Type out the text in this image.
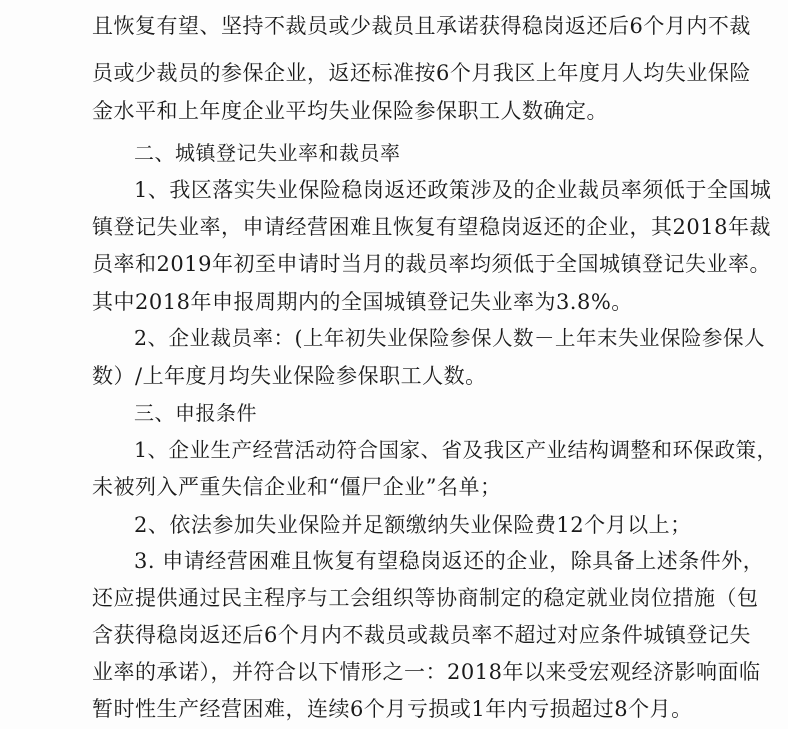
且恢复有望、坚持不裁员或少裁员且承诺获得稳岗返还后6个月内不裁
员或少裁员的参保企业，返还标准按6个月我区上年度月人均失业保险
金水平和上年度企业平均失业保险参保职工人数确定。
二、城镇登记失业率和裁员率
1、我区落实失业保险稳岗返还政策涉及的企业裁员率须低于全国城
镇登记失业率，申请经营困难且恢复有望稳岗返还的企业，其2018年裁
员率和2019年初至申请时当月的裁员率均须低于全国城镇登记失业率。
其中2018年申报周期内的全国城镇登记失业率为3.8%。
2、企业裁员率：(上年初失业保险参保人数－上年末失业保险参保人
数）/上年度月均失业保险参保职工人数。
三、申报条件
1、企业生产经营活动符合国家、省及我区产业结构调整和环保政策，
未被列入严重失信企业和“僵尸企业”名单；
2、依法参加失业保险并足额缴纳失业保险费12个月以上；
3. 申请经营困难且恢复有望稳岗返还的企业，除具备上述条件外，
还应提供通过民主程序与工会组织等协商制定的稳定就业岗位措施（包
含获得稳岗返还后6个月内不裁员或裁员率不超过对应条件城镇登记失
业率的承诺），并符合以下情形之一：2018年以来受宏观经济影响面临
暂时性生产经营困难，连续6个月亏损或1年内亏损超过8个月。
